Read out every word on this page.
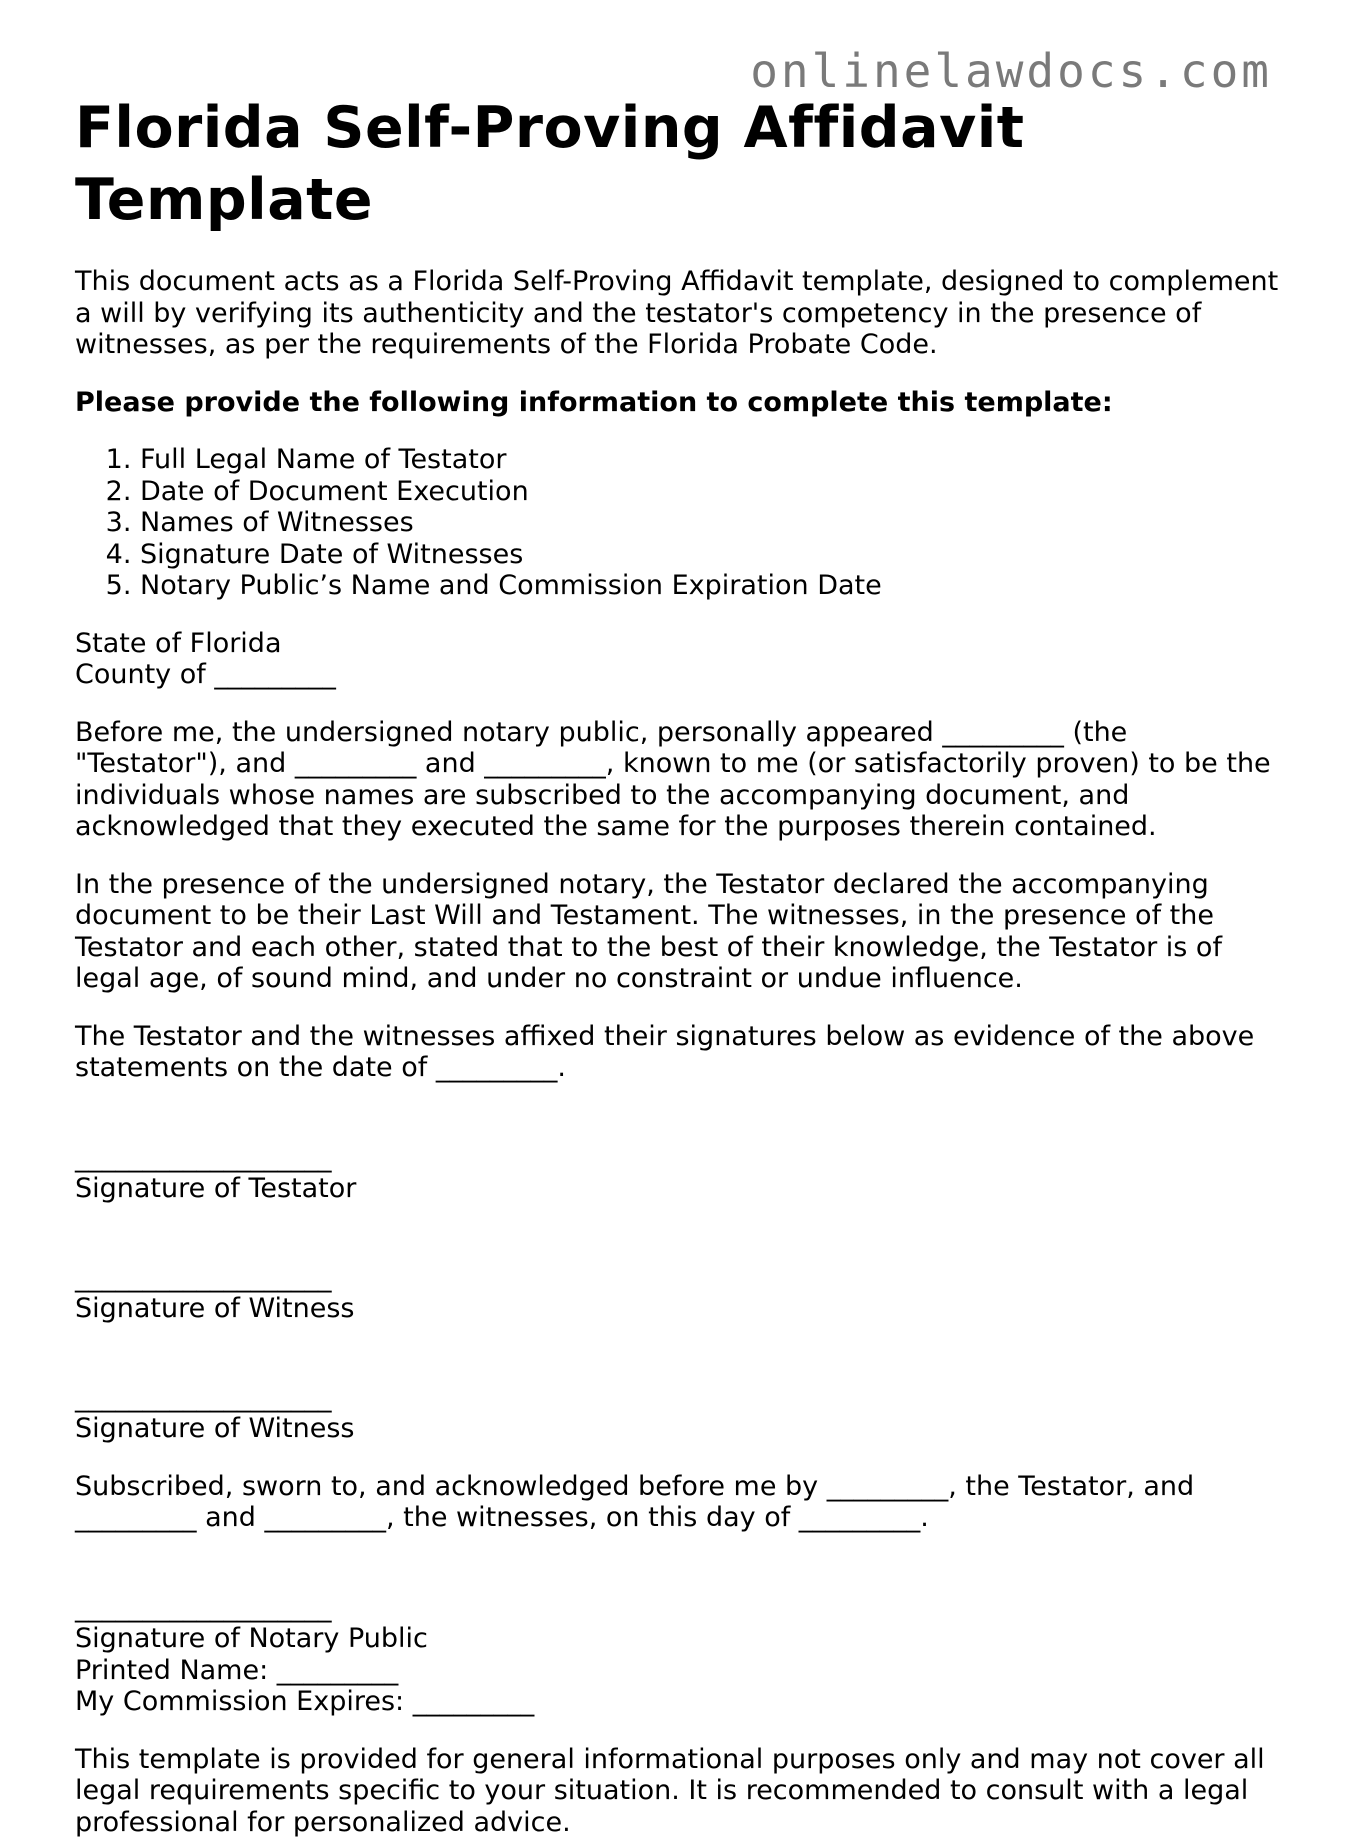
onlinelawdocs.com
Florida Self-Proving Affidavit Template

This document acts as a Florida Self-Proving Affidavit template, designed to complement a will by verifying its authenticity and the testator's competency in the presence of witnesses, as per the requirements of the Florida Probate Code.

Please provide the following information to complete this template:

1. Full Legal Name of Testator
2. Date of Document Execution
3. Names of Witnesses
4. Signature Date of Witnesses
5. Notary Public’s Name and Commission Expiration Date

State of Florida

County of _________

Before me, the undersigned notary public, personally appeared _________ (the "Testator"), and _________ and _________, known to me (or satisfactorily proven) to be the individuals whose names are subscribed to the accompanying document, and acknowledged that they executed the same for the purposes therein contained.

In the presence of the undersigned notary, the Testator declared the accompanying document to be their Last Will and Testament. The witnesses, in the presence of the Testator and each other, stated that to the best of their knowledge, the Testator is of legal age, of sound mind, and under no constraint or undue influence.

The Testator and the witnesses affixed their signatures below as evidence of the above statements on the date of _________.

___________________

Signature of Testator

___________________

Signature of Witness

___________________

Signature of Witness

Subscribed, sworn to, and acknowledged before me by _________, the Testator, and _________ and _________, the witnesses, on this day of _________.

___________________

Signature of Notary Public

Printed Name: _________

My Commission Expires: _________

This template is provided for general informational purposes only and may not cover all legal requirements specific to your situation. It is recommended to consult with a legal professional for personalized advice.
